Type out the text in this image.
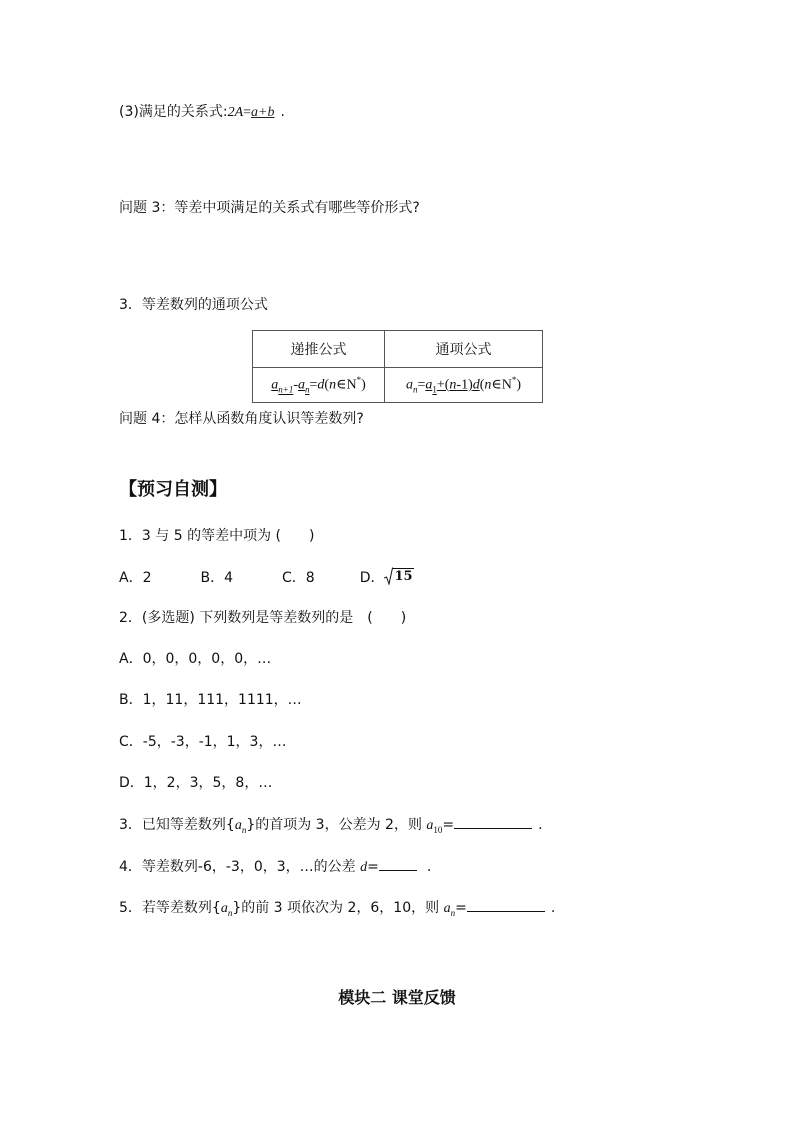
(3)满足的关系式:2A=a+b .
问题 3：等差中项满足的关系式有哪些等价形式?
3．等差数列的通项公式
递推公式	通项公式
$a_{n+1}-a_n=d(n\in N^*)$	$a_n=a_1+(n-1)d(n\in N^*)$
问题 4：怎样从函数角度认识等差数列?
【预习自测】
1．3 与 5 的等差中项为 (　　)
A．2	B．4	C．8	D． 15
2．(多选题) 下列数列是等差数列的是　(　　)
A．0，0，0，0，0，…
B．1，11，111，1111，…
C．-5，-3，-1，1，3，…
D．1，2，3，5，8，…
3．已知等差数列$\{a_n\}$的首项为 3，公差为 2，则 $a_{10}=$	.
4．等差数列-6，-3，0，3，…的公差 d=	.
5．若等差数列$\{a_n\}$的前 3 项依次为 2，6，10，则 $a_n=$	.
模块二 课堂反馈
